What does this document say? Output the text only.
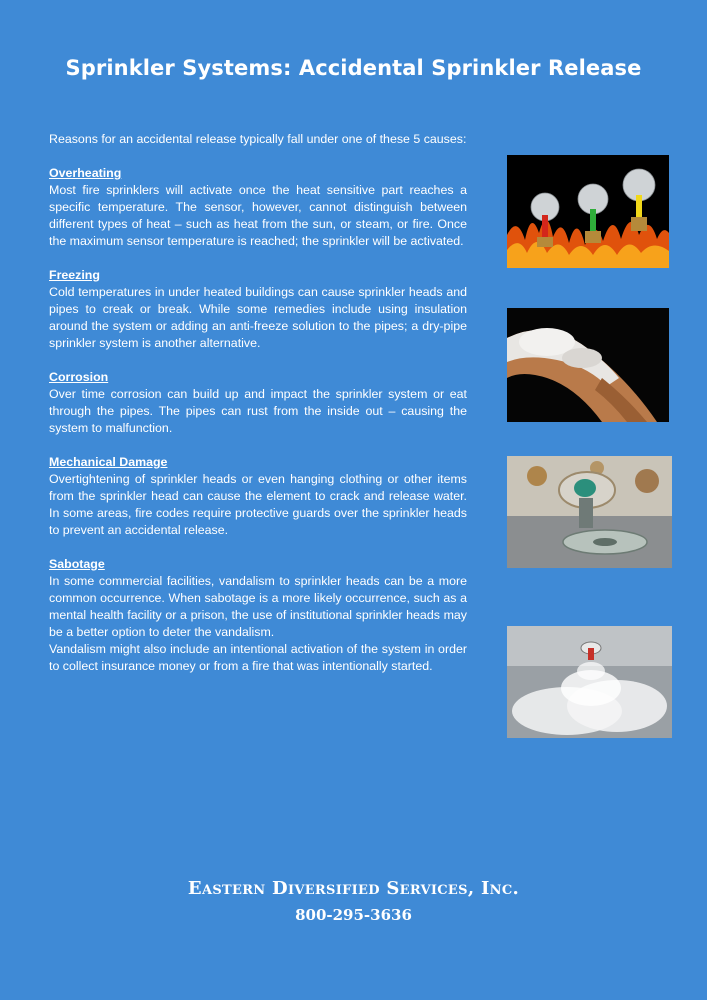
Sprinkler Systems: Accidental Sprinkler Release

Reasons for an accidental release typically fall under one of these 5 causes:

Overheating

Most fire sprinklers will activate once the heat sensitive part reaches a specific temperature. The sensor, however, cannot distinguish between different types of heat – such as heat from the sun, or steam, or fire. Once the maximum sensor temperature is reached; the sprinkler will be activated.

Freezing

Cold temperatures in under heated buildings can cause sprinkler heads and pipes to creak or break. While some remedies include using insulation around the system or adding an anti-freeze solution to the pipes; a dry-pipe sprinkler system is another alternative.

Corrosion

Over time corrosion can build up and impact the sprinkler system or eat through the pipes. The pipes can rust from the inside out – causing the system to malfunction.

Mechanical Damage

Overtightening of sprinkler heads or even hanging clothing or other items from the sprinkler head can cause the element to crack and release water. In some areas, fire codes require protective guards over the sprinkler heads to prevent an accidental release.

Sabotage

In some commercial facilities, vandalism to sprinkler heads can be a more common occurrence. When sabotage is a more likely occurrence, such as a mental health facility or a prison, the use of institutional sprinkler heads may be a better option to deter the vandalism.

Vandalism might also include an intentional activation of the system in order to collect insurance money or from a fire that was intentionally started.

Eastern Diversified Services, Inc.
800-295-3636
